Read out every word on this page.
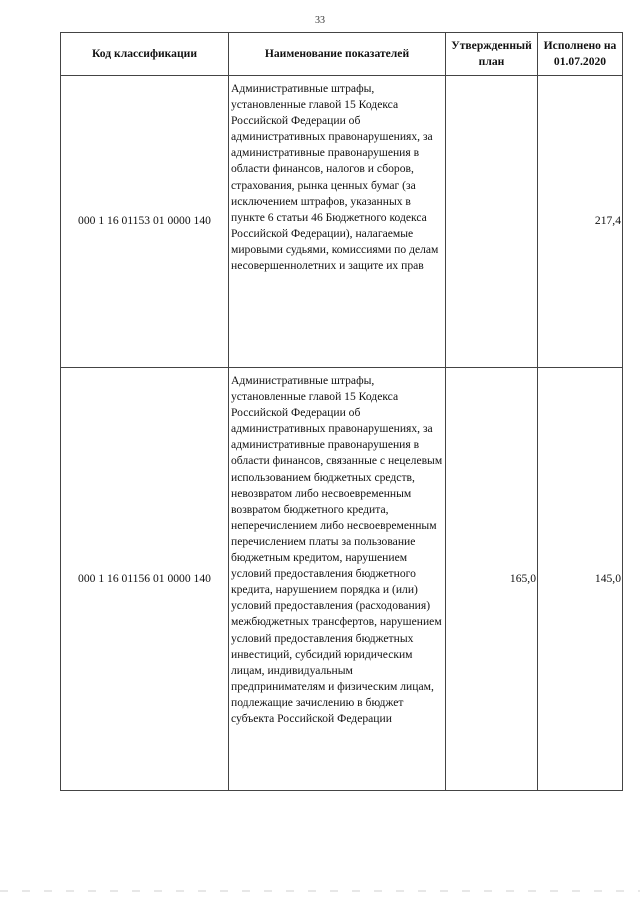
33
Код классификации	Наименование показателей	Утвержденный план	Исполнено на 01.07.2020
000 1 16 01153 01 0000 140	Административные штрафы, установленные главой 15 Кодекса Российской Федерации об административных правонарушениях, за административные правонарушения в области финансов, налогов и сборов, страхования, рынка ценных бумаг (за исключением штрафов, указанных в пункте 6 статьи 46 Бюджетного кодекса Российской Федерации), налагаемые мировыми судьями, комиссиями по делам несовершеннолетних и защите их прав		217,4
000 1 16 01156 01 0000 140	Административные штрафы, установленные главой 15 Кодекса Российской Федерации об административных правонарушениях, за административные правонарушения в области финансов, связанные с нецелевым использованием бюджетных средств, невозвратом либо несвоевременным возвратом бюджетного кредита, неперечислением либо несвоевременным перечислением платы за пользование бюджетным кредитом, нарушением условий предоставления бюджетного кредита, нарушением порядка и (или) условий предоставления (расходования) межбюджетных трансфертов, нарушением условий предоставления бюджетных инвестиций, субсидий юридическим лицам, индивидуальным предпринимателям и физическим лицам, подлежащие зачислению в бюджет субъекта Российской Федерации	165,0	145,0
